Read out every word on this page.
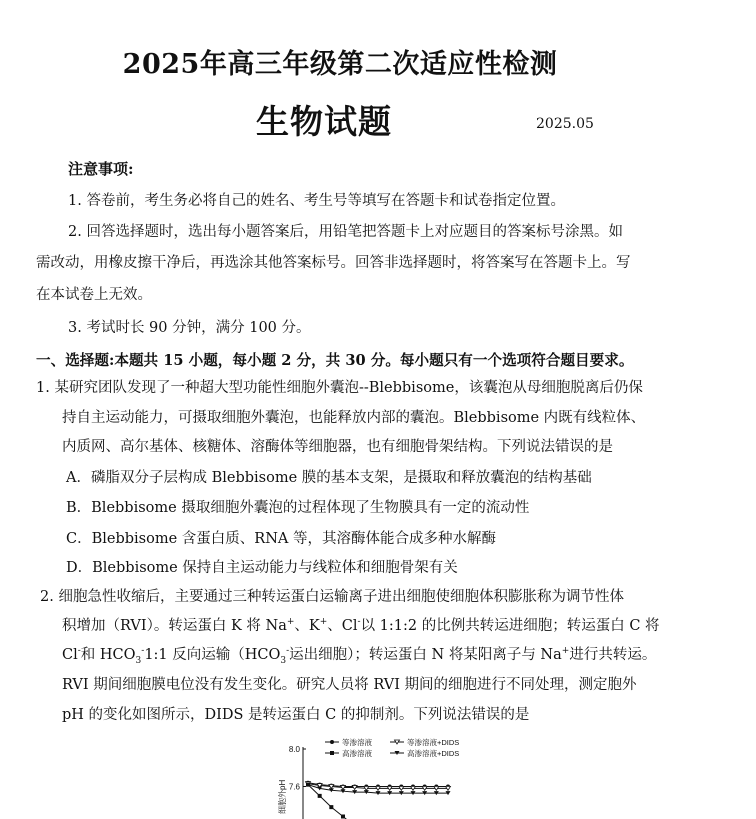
2025年高三年级第二次适应性检测
生物试题	2025.05
注意事项:
1. 答卷前，考生务必将自己的姓名、考生号等填写在答题卡和试卷指定位置。
2. 回答选择题时，选出每小题答案后，用铅笔把答题卡上对应题目的答案标号涂黑。如
需改动，用橡皮擦干净后，再选涂其他答案标号。回答非选择题时，将答案写在答题卡上。写
在本试卷上无效。
3. 考试时长 90 分钟，满分 100 分。
一、选择题:本题共 15 小题，每小题 2 分，共 30 分。每小题只有一个选项符合题目要求。
1. 某研究团队发现了一种超大型功能性细胞外囊泡--Blebbisome，该囊泡从母细胞脱离后仍保
持自主运动能力，可摄取细胞外囊泡，也能释放内部的囊泡。Blebbisome 内既有线粒体、
内质网、高尔基体、核糖体、溶酶体等细胞器，也有细胞骨架结构。下列说法错误的是
A．磷脂双分子层构成 Blebbisome 膜的基本支架，是摄取和释放囊泡的结构基础
B．Blebbisome 摄取细胞外囊泡的过程体现了生物膜具有一定的流动性
C．Blebbisome 含蛋白质、RNA 等，其溶酶体能合成多种水解酶
D．Blebbisome 保持自主运动能力与线粒体和细胞骨架有关
2. 细胞急性收缩后，主要通过三种转运蛋白运输离子进出细胞使细胞体积膨胀称为调节性体
积增加（RVI）。转运蛋白 K 将 Na+、K+、Cl-以 1:1:2 的比例共转运进细胞；转运蛋白 C 将
Cl-和 $HCO_3^-1:1$ 反向运输（$HCO_3^-$运出细胞）；转运蛋白 N 将某阳离子与 Na+进行共转运。
RVI 期间细胞膜电位没有发生变化。研究人员将 RVI 期间的细胞进行不同处理，测定胞外
pH 的变化如图所示，DIDS 是转运蛋白 C 的抑制剂。下列说法错误的是
8.0
7.6
细胞外pH
等渗溶液
高渗溶液
等渗溶液+DIDS
高渗溶液+DIDS
